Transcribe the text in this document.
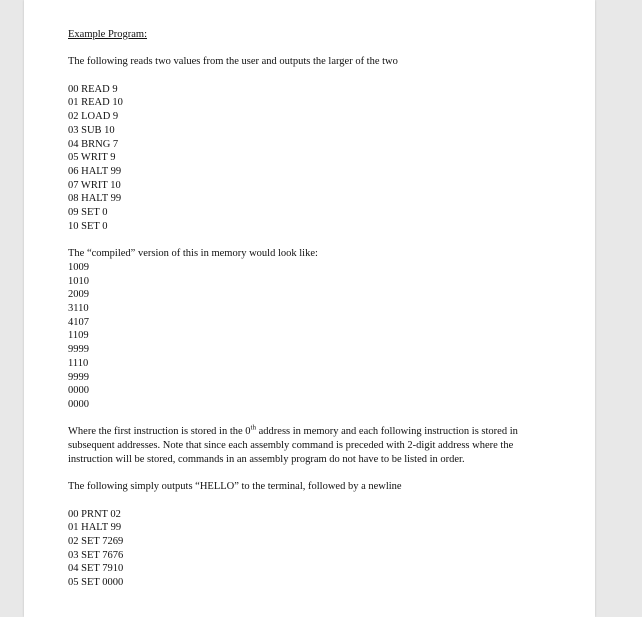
Example Program:
The following reads two values from the user and outputs the larger of the two
00 READ 9
01 READ 10
02 LOAD 9
03 SUB 10
04 BRNG 7
05 WRIT 9
06 HALT 99
07 WRIT 10
08 HALT 99
09 SET 0
10 SET 0
The “compiled” version of this in memory would look like:
1009
1010
2009
3110
4107
1109
9999
1110
9999
0000
0000
Where the first instruction is stored in the 0th address in memory and each following instruction is stored in subsequent addresses. Note that since each assembly command is preceded with 2-digit address where the instruction will be stored, commands in an assembly program do not have to be listed in order.
The following simply outputs “HELLO” to the terminal, followed by a newline
00 PRNT 02
01 HALT 99
02 SET 7269
03 SET 7676
04 SET 7910
05 SET 0000
